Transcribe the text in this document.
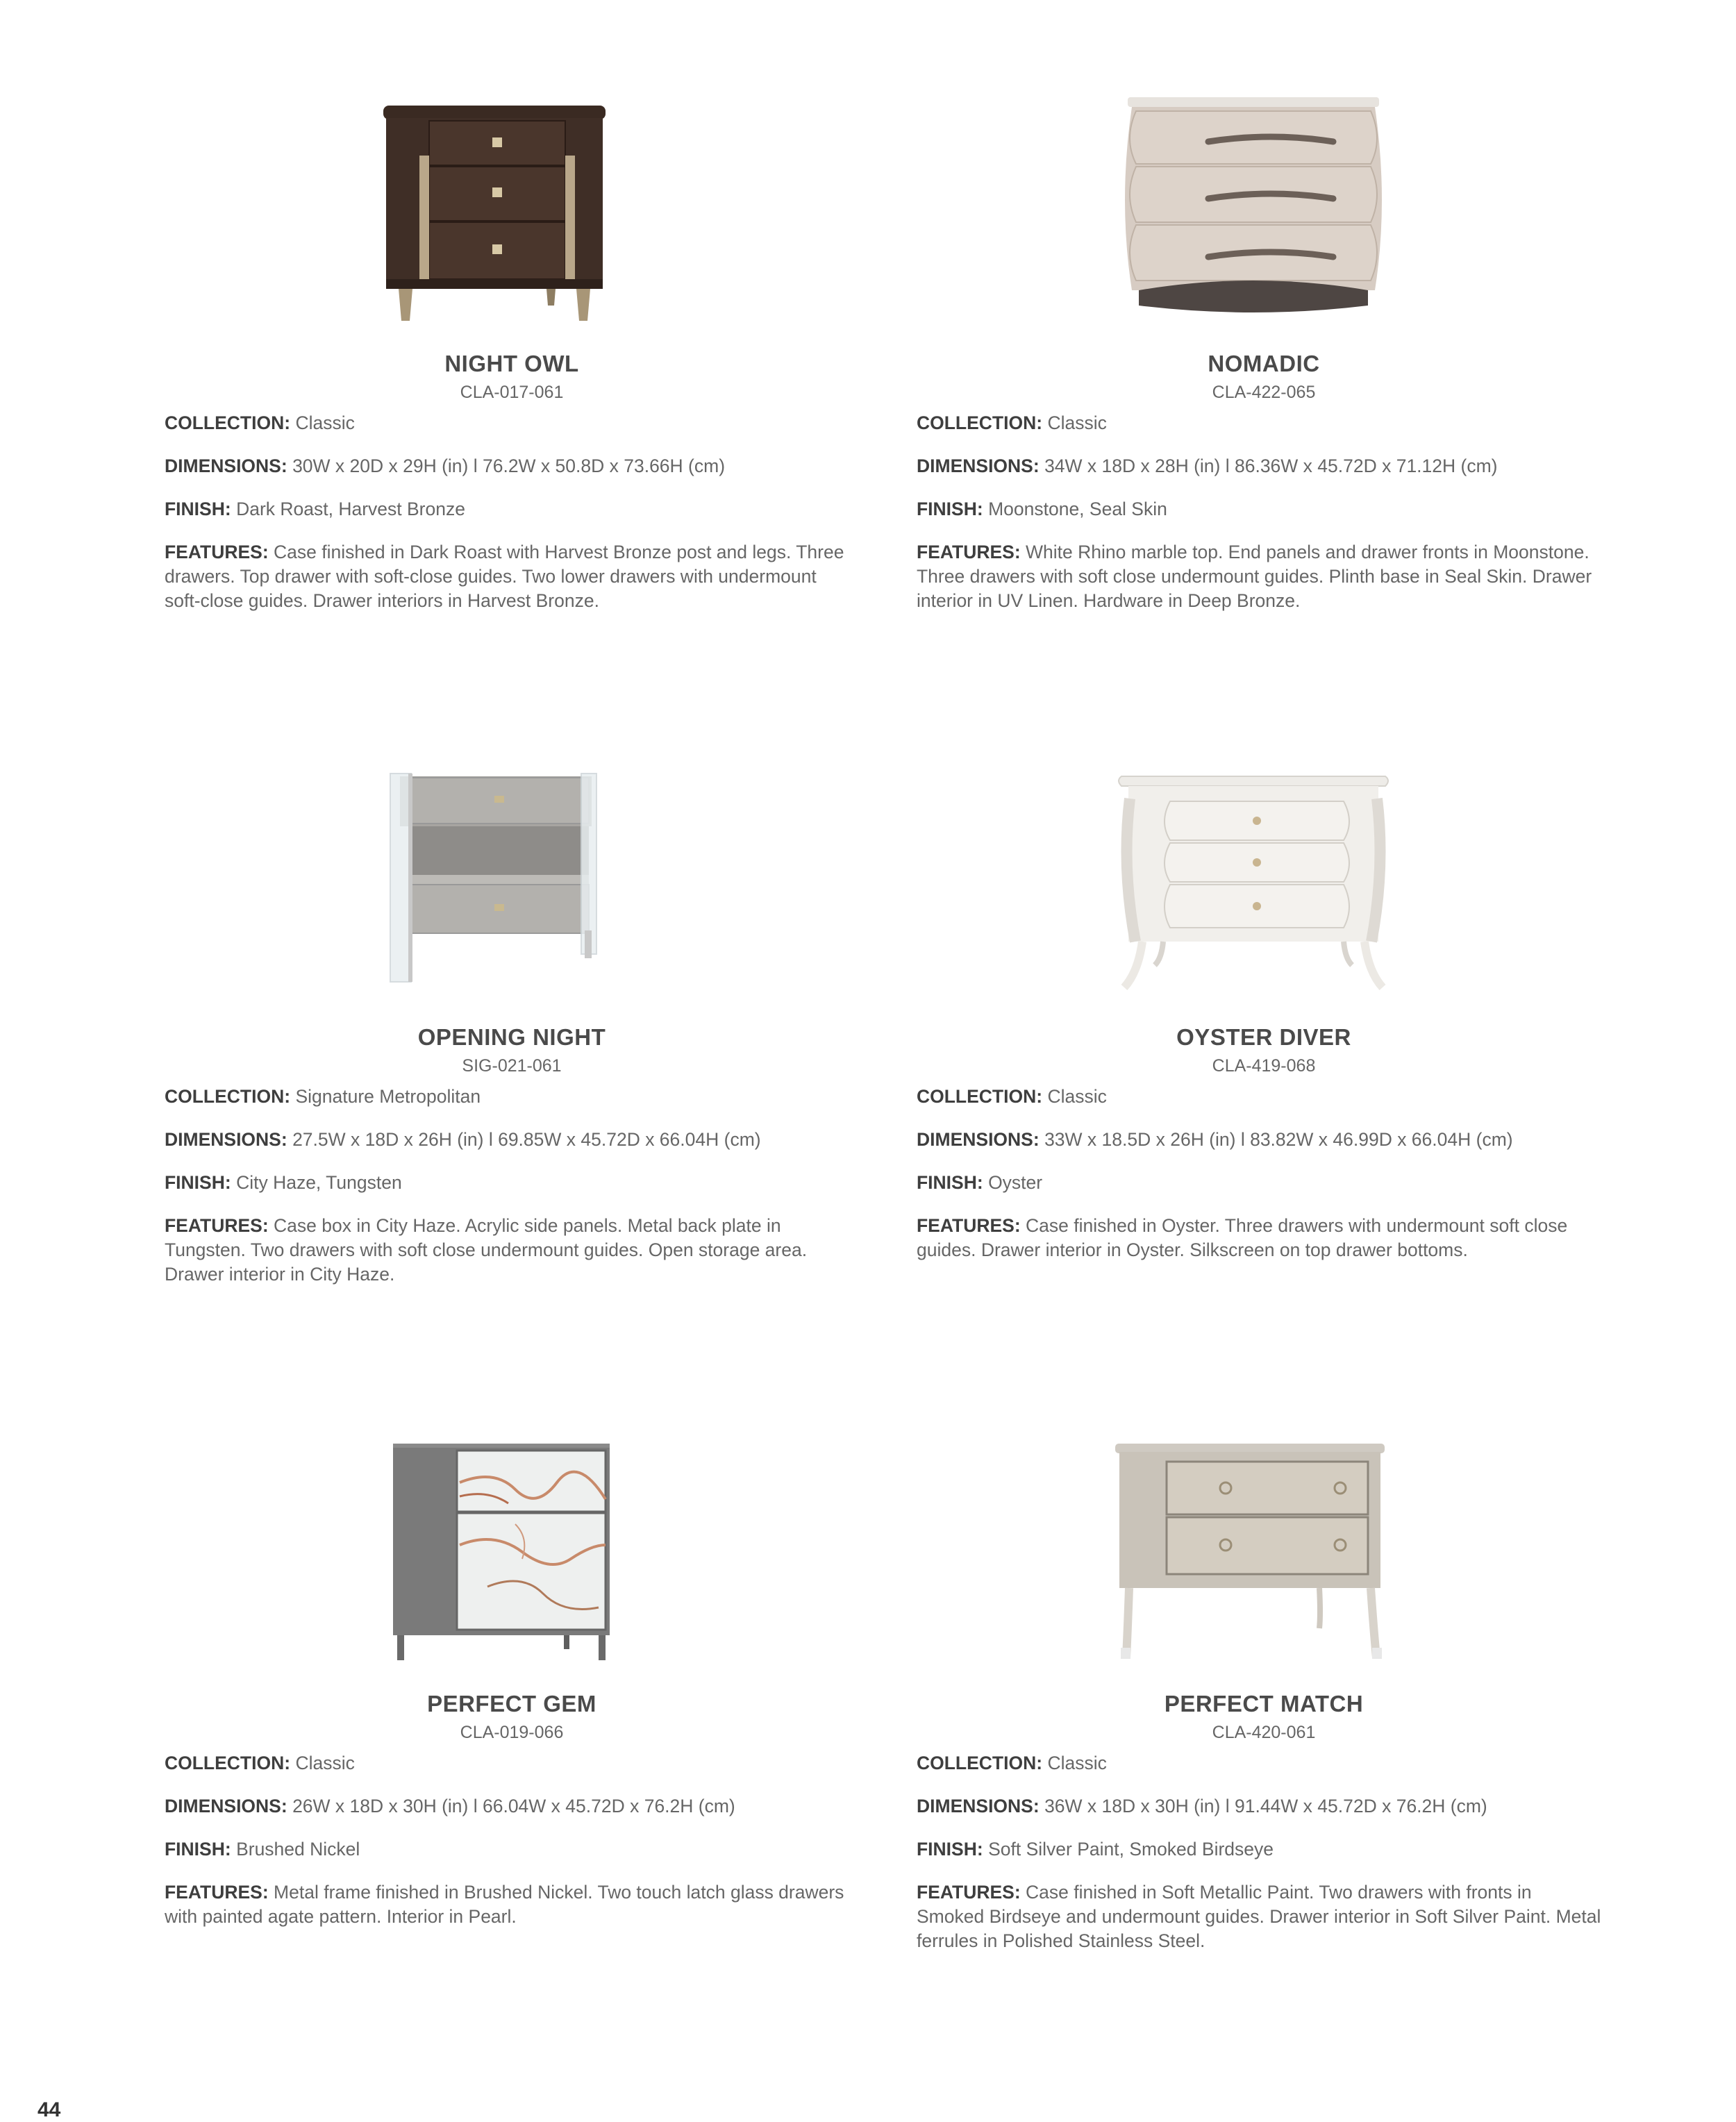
NIGHT OWL
CLA-017-061
COLLECTION: Classic
DIMENSIONS: 30W x 20D x 29H (in) l 76.2W x 50.8D x 73.66H (cm)
FINISH: Dark Roast, Harvest Bronze
FEATURES: Case finished in Dark Roast with Harvest Bronze post and legs. Three drawers. Top drawer with soft-close guides. Two lower drawers with undermount soft-close guides. Drawer interiors in Harvest Bronze.
NOMADIC
CLA-422-065
COLLECTION: Classic
DIMENSIONS: 34W x 18D x 28H (in) l 86.36W x 45.72D x 71.12H (cm)
FINISH: Moonstone, Seal Skin
FEATURES: White Rhino marble top. End panels and drawer fronts in Moonstone. Three drawers with soft close undermount guides. Plinth base in Seal Skin. Drawer interior in UV Linen. Hardware in Deep Bronze.
OPENING NIGHT
SIG-021-061
COLLECTION: Signature Metropolitan
DIMENSIONS: 27.5W x 18D x 26H (in) l 69.85W x 45.72D x 66.04H (cm)
FINISH: City Haze, Tungsten
FEATURES: Case box in City Haze. Acrylic side panels. Metal back plate in Tungsten. Two drawers with soft close undermount guides. Open storage area. Drawer interior in City Haze.
OYSTER DIVER
CLA-419-068
COLLECTION: Classic
DIMENSIONS: 33W x 18.5D x 26H (in) l 83.82W x 46.99D x 66.04H (cm)
FINISH: Oyster
FEATURES: Case finished in Oyster. Three drawers with undermount soft close guides. Drawer interior in Oyster. Silkscreen on top drawer bottoms.
PERFECT GEM
CLA-019-066
COLLECTION: Classic
DIMENSIONS: 26W x 18D x 30H (in) l 66.04W x 45.72D x 76.2H (cm)
FINISH: Brushed Nickel
FEATURES: Metal frame finished in Brushed Nickel. Two touch latch glass drawers with painted agate pattern. Interior in Pearl.
PERFECT MATCH
CLA-420-061
COLLECTION: Classic
DIMENSIONS: 36W x 18D x 30H (in) l 91.44W x 45.72D x 76.2H (cm)
FINISH: Soft Silver Paint, Smoked Birdseye
FEATURES: Case finished in Soft Metallic Paint. Two drawers with fronts in Smoked Birdseye and undermount guides. Drawer interior in Soft Silver Paint. Metal ferrules in Polished Stainless Steel.
44
